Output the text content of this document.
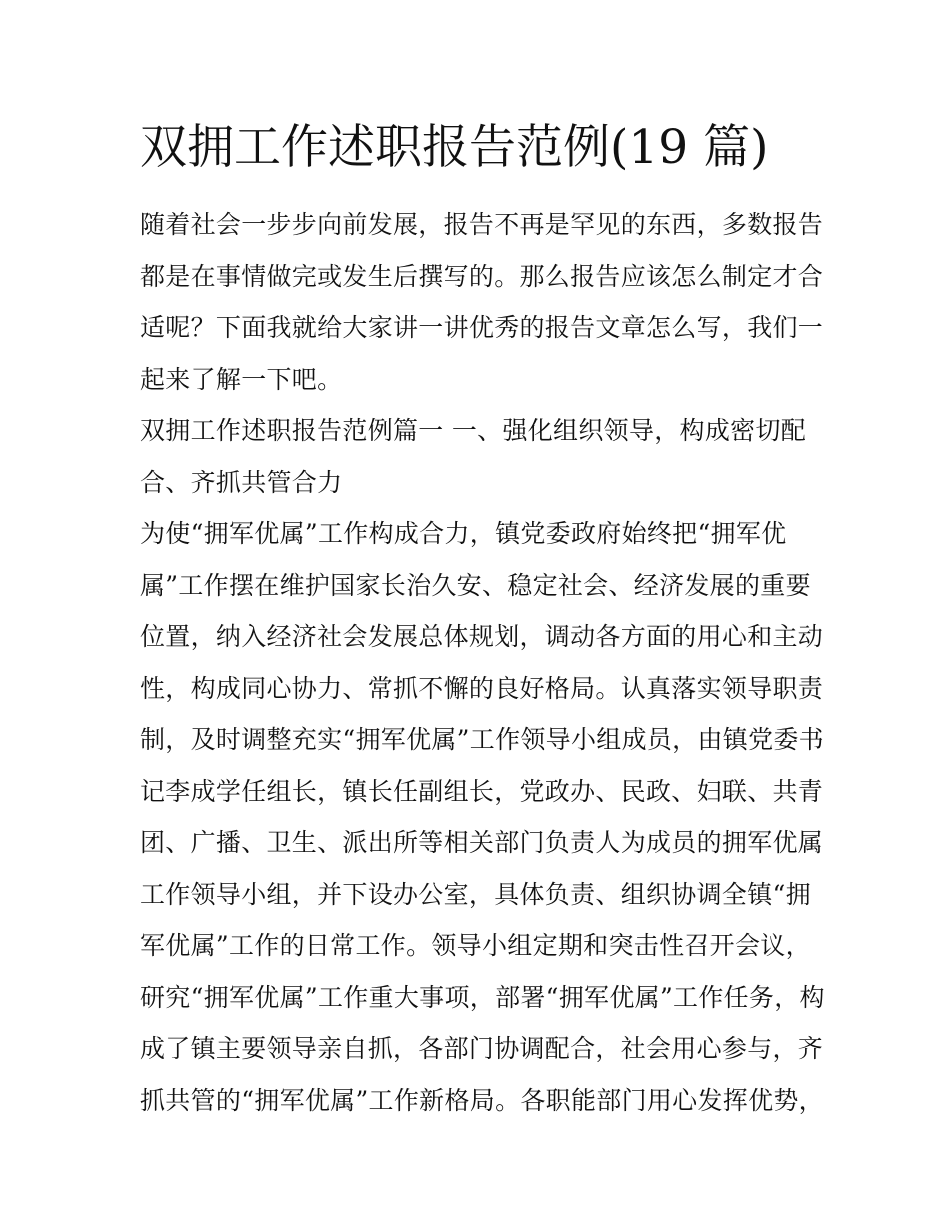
双拥工作述职报告范例(19 篇)
随着社会一步步向前发展，报告不再是罕见的东西，多数报告
都是在事情做完或发生后撰写的。那么报告应该怎么制定才合
适呢？下面我就给大家讲一讲优秀的报告文章怎么写，我们一
起来了解一下吧。
双拥工作述职报告范例篇一 一、强化组织领导，构成密切配
合、齐抓共管合力
为使“拥军优属”工作构成合力，镇党委政府始终把“拥军优
属”工作摆在维护国家长治久安、稳定社会、经济发展的重要
位置，纳入经济社会发展总体规划，调动各方面的用心和主动
性，构成同心协力、常抓不懈的良好格局。认真落实领导职责
制，及时调整充实“拥军优属”工作领导小组成员，由镇党委书
记李成学任组长，镇长任副组长，党政办、民政、妇联、共青
团、广播、卫生、派出所等相关部门负责人为成员的拥军优属
工作领导小组，并下设办公室，具体负责、组织协调全镇“拥
军优属”工作的日常工作。领导小组定期和突击性召开会议，
研究“拥军优属”工作重大事项，部署“拥军优属”工作任务，构
成了镇主要领导亲自抓，各部门协调配合，社会用心参与，齐
抓共管的“拥军优属”工作新格局。各职能部门用心发挥优势，
